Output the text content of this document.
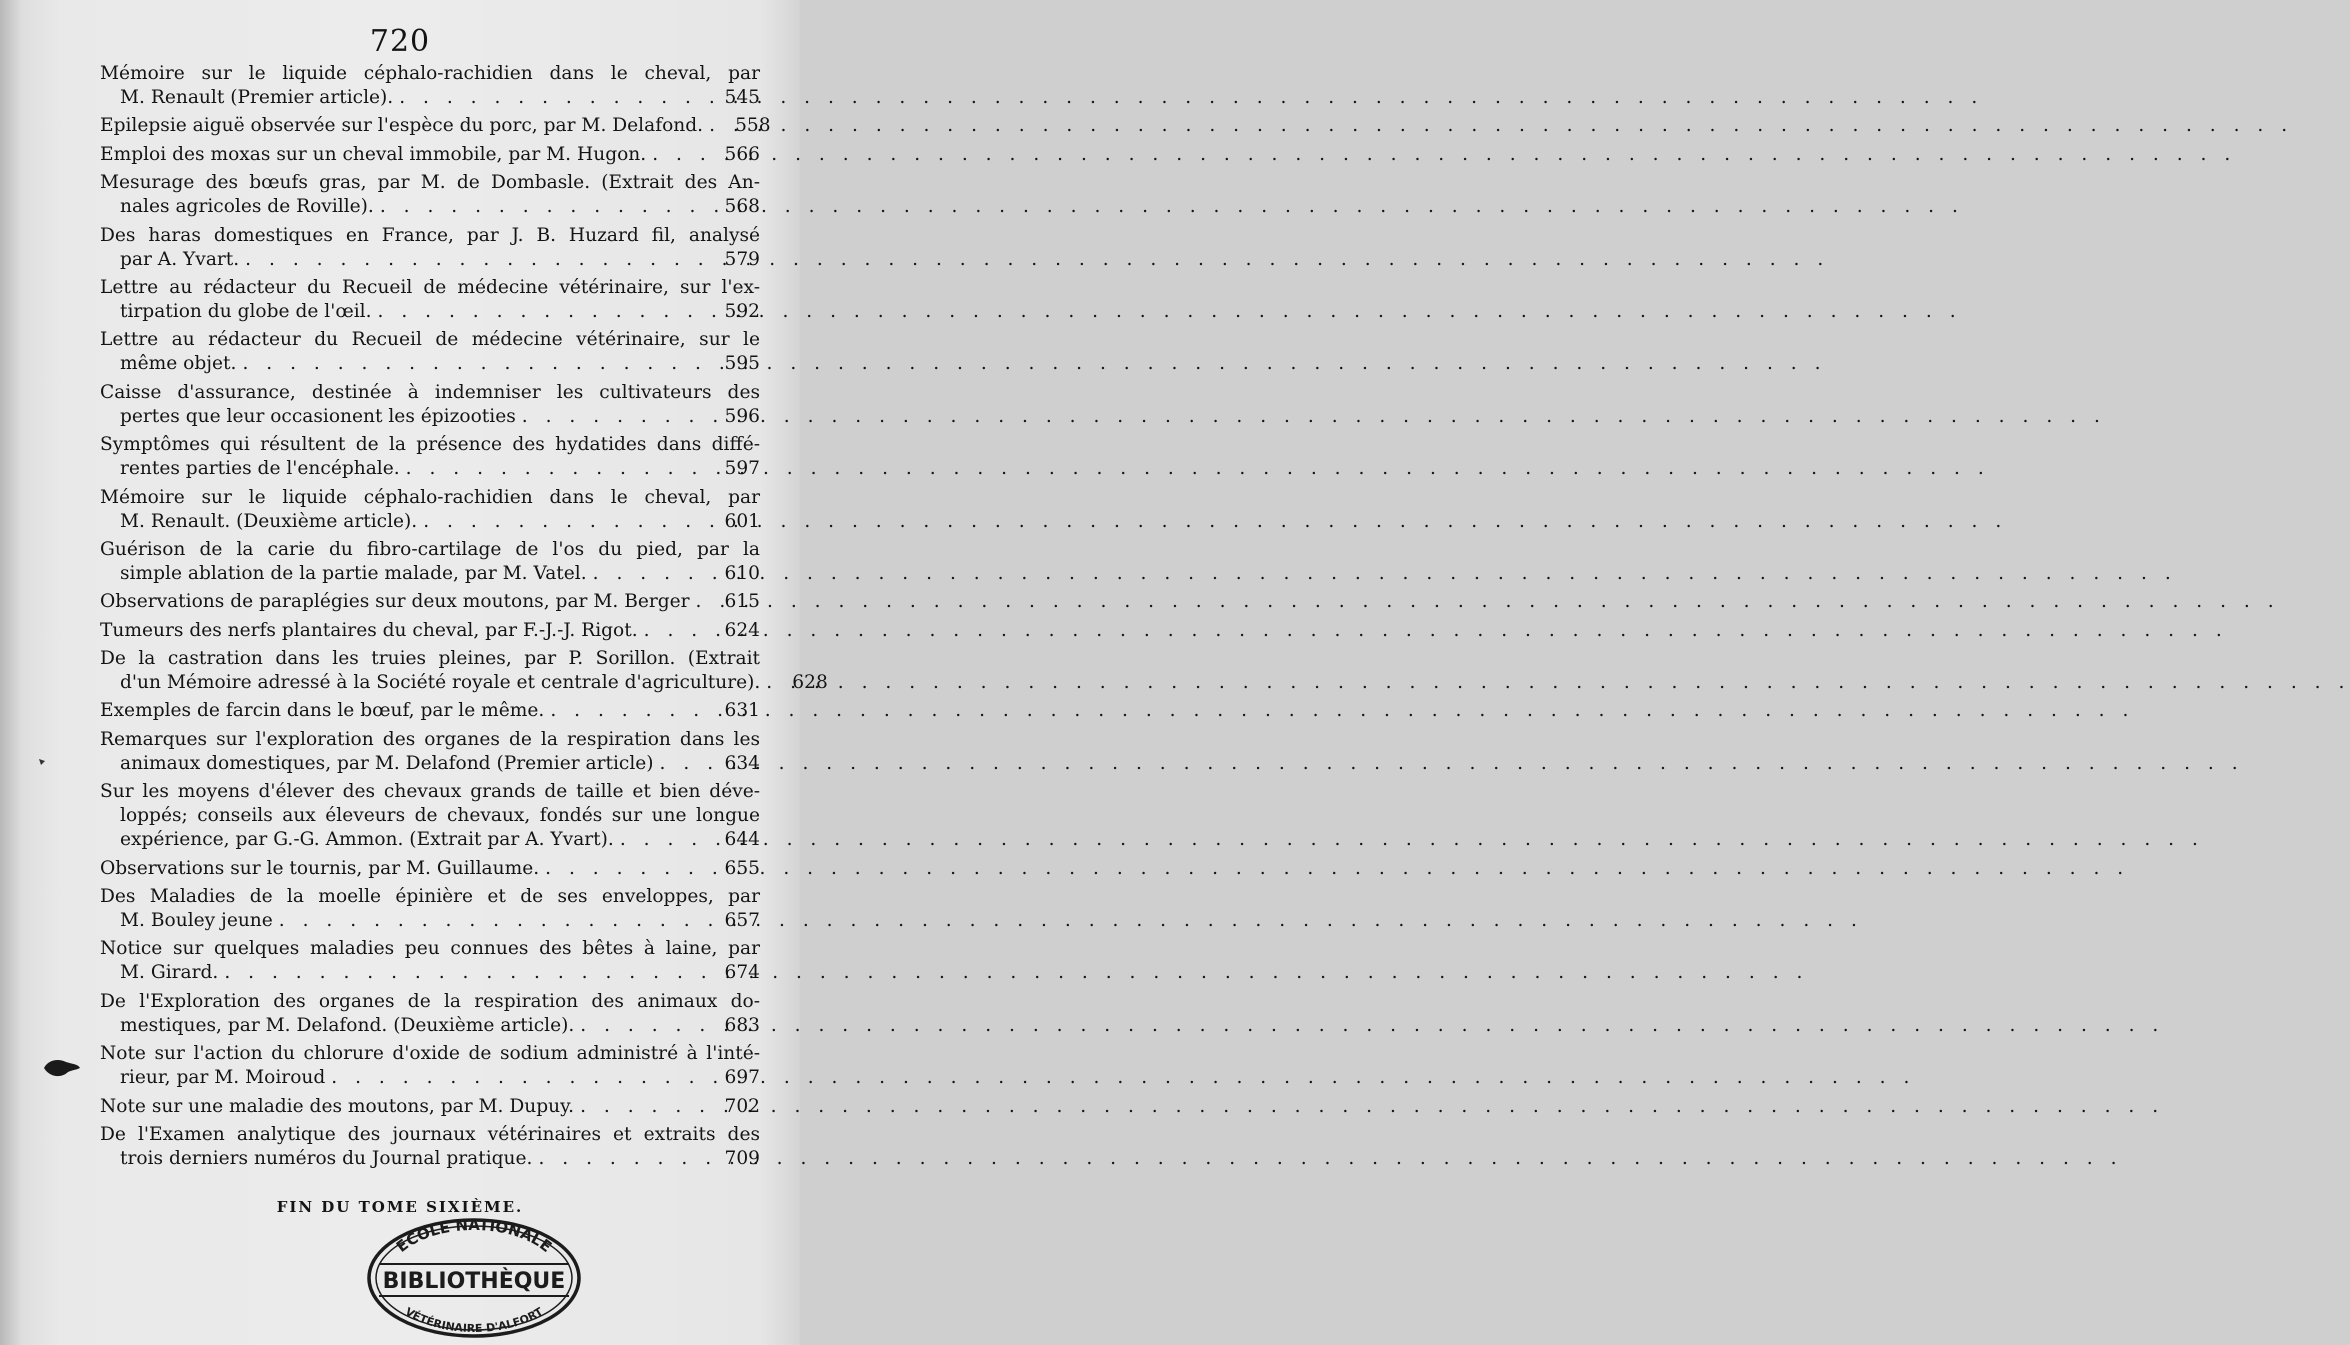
720
Mémoire sur le liquide céphalo-rachidien dans le cheval, par
M. Renault (Premier article). . . .	545
Epilepsie aiguë observée sur l'espèce du porc, par M. Delafond. . . .	558
Emploi des moxas sur un cheval immobile, par M. Hugon. . . .	566
Mesurage des bœufs gras, par M. de Dombasle. (Extrait des An-
nales agricoles de Roville). . . .	568
Des haras domestiques en France, par J. B. Huzard fil, analysé
par A. Yvart. . . .	579
Lettre au rédacteur du Recueil de médecine vétérinaire, sur l'ex-
tirpation du globe de l'œil. . . .	592
Lettre au rédacteur du Recueil de médecine vétérinaire, sur le
même objet. . . .	595
Caisse d'assurance, destinée à indemniser les cultivateurs des
pertes que leur occasionent les épizooties . . .	596
Symptômes qui résultent de la présence des hydatides dans diffé-
rentes parties de l'encéphale. . . .	597
Mémoire sur le liquide céphalo-rachidien dans le cheval, par
M. Renault. (Deuxième article). . . .	601
Guérison de la carie du fibro-cartilage de l'os du pied, par la
simple ablation de la partie malade, par M. Vatel. . . .	610
Observations de paraplégies sur deux moutons, par M. Berger . . .	615
Tumeurs des nerfs plantaires du cheval, par F.-J.-J. Rigot. . . .	624
De la castration dans les truies pleines, par P. Sorillon. (Extrait
d'un Mémoire adressé à la Société royale et centrale d'agriculture). . . .	628
Exemples de farcin dans le bœuf, par le même. . . .	631
Remarques sur l'exploration des organes de la respiration dans les
animaux domestiques, par M. Delafond (Premier article) . . .	634
Sur les moyens d'élever des chevaux grands de taille et bien déve-
loppés; conseils aux éleveurs de chevaux, fondés sur une longue
expérience, par G.-G. Ammon. (Extrait par A. Yvart). . . .	644
Observations sur le tournis, par M. Guillaume. . . .	655
Des Maladies de la moelle épinière et de ses enveloppes, par
M. Bouley jeune . . .	657
Notice sur quelques maladies peu connues des bêtes à laine, par
M. Girard. . . .	674
De l'Exploration des organes de la respiration des animaux do-
mestiques, par M. Delafond. (Deuxième article). . . .	683
Note sur l'action du chlorure d'oxide de sodium administré à l'inté-
rieur, par M. Moiroud . . .	697
Note sur une maladie des moutons, par M. Dupuy. . . .	702
De l'Examen analytique des journaux vétérinaires et extraits des
trois derniers numéros du Journal pratique. . . .	709
FIN DU TOME SIXIÈME.
ECOLE NATIONALE
BIBLIOTHÈQUE
VÉTÉRINAIRE D'ALFORT
